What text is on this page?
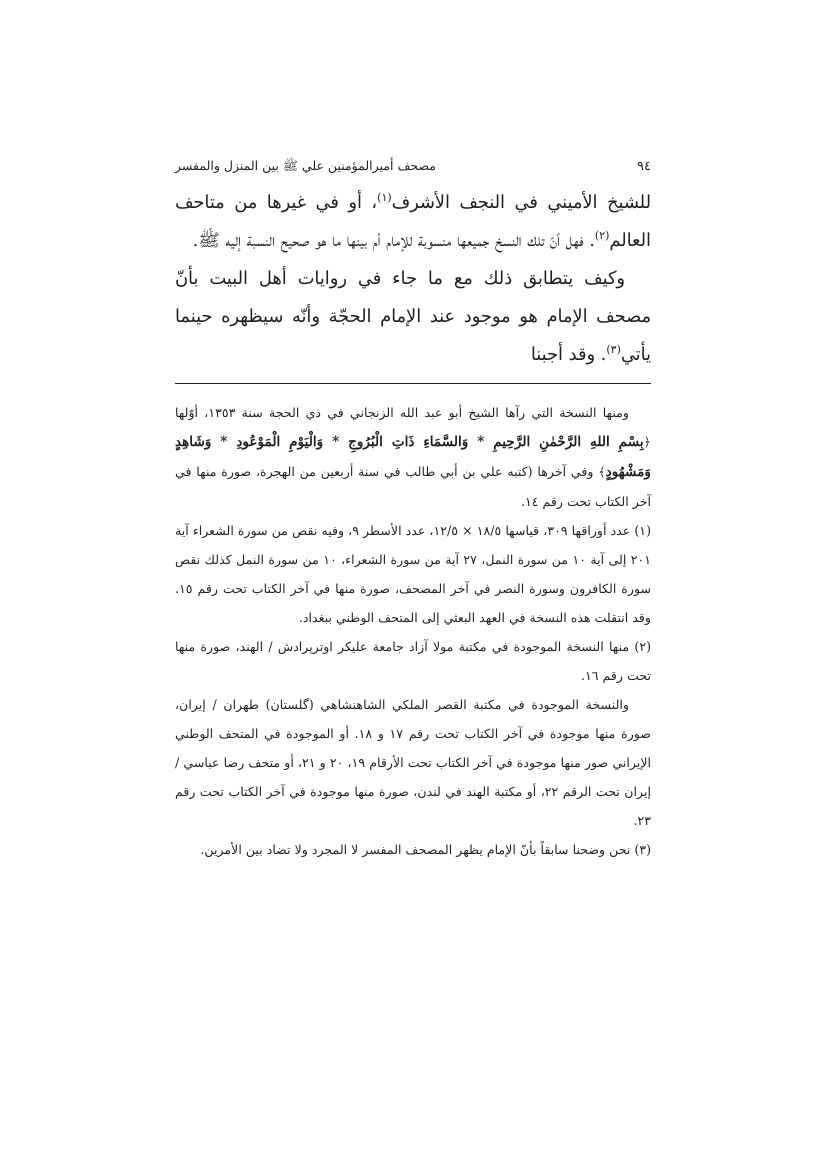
٩٤
مصحف أميرالمؤمنين علي ﷺ بين المنزل والمفسر

للشيخ الأميني في النجف الأشرف$^{(١)}$، أو في غيرها من متاحف العالم$^{(٢)}$. فهل أنّ تلك النسخ جميعها منسوبة للإمام أم بينها ما هو صحيح النسبة إليه ﷺ.

وكيف يتطابق ذلك مع ما جاء في روايات أهل البيت بأنّ مصحف الإمام هو موجود عند الإمام الحجّة وأنّه سيظهره حينما يأتي$^{(٣)}$. وقد أجبنا

ومنها النسخة التي رآها الشيخ أبو عبد الله الزنجاني في ذي الحجة سنة ١٣٥٣، أوّلها ﴿بِسْمِ اللهِ الرَّحْمٰنِ الرَّحِيمِ * وَالسَّمَاءِ ذَاتِ الْبُرُوجِ * وَالْيَوْمِ الْمَوْعُودِ * وَشَاهِدٍ وَمَشْهُودٍ﴾ وفي آخرها (كتبه علي بن أبي طالب في سنة أربعين من الهجرة، صورة منها في آخر الكتاب تحت رقم ١٤.

(١) عدد أوراقها ٣٠٩، قياسها ١٨/٥ × ١٢/٥، عدد الأسطر ٩، وفيه نقص من سورة الشعراء آية ٢٠١ إلى آية ١٠ من سورة النمل، ٢٧ آية من سورة الشعراء، ١٠ من سورة النمل كذلك نقص سورة الكافرون وسورة النصر في آخر المصحف، صورة منها في آخر الكتاب تحت رقم ١٥. وقد انتقلت هذه النسخة في العهد البعثي إلى المتحف الوطني ببغداد.

(٢) منها النسخة الموجودة في مكتبة مولا آزاد جامعة عليكر اوترپرادش / الهند، صورة منها تحت رقم ١٦.

والنسخة الموجودة في مكتبة القصر الملكي الشاهنشاهي (گلستان) طهران / إيران، صورة منها موجودة في آخر الكتاب تحت رقم ١٧ و ١٨. أو الموجودة في المتحف الوطني الإيراني صور منها موجودة في آخر الكتاب تحت الأرقام ١٩، ٢٠ و ٢١، أو متحف رضا عباسي / إيران تحت الرقم ٢٢، أو مكتبة الهند في لندن، صورة منها موجودة في آخر الكتاب تحت رقم ٢٣.

(٣) نحن وضحنا سابقاً بأنّ الإمام يظهر المصحف المفسر لا المجرد ولا تضاد بين الأمرين.
